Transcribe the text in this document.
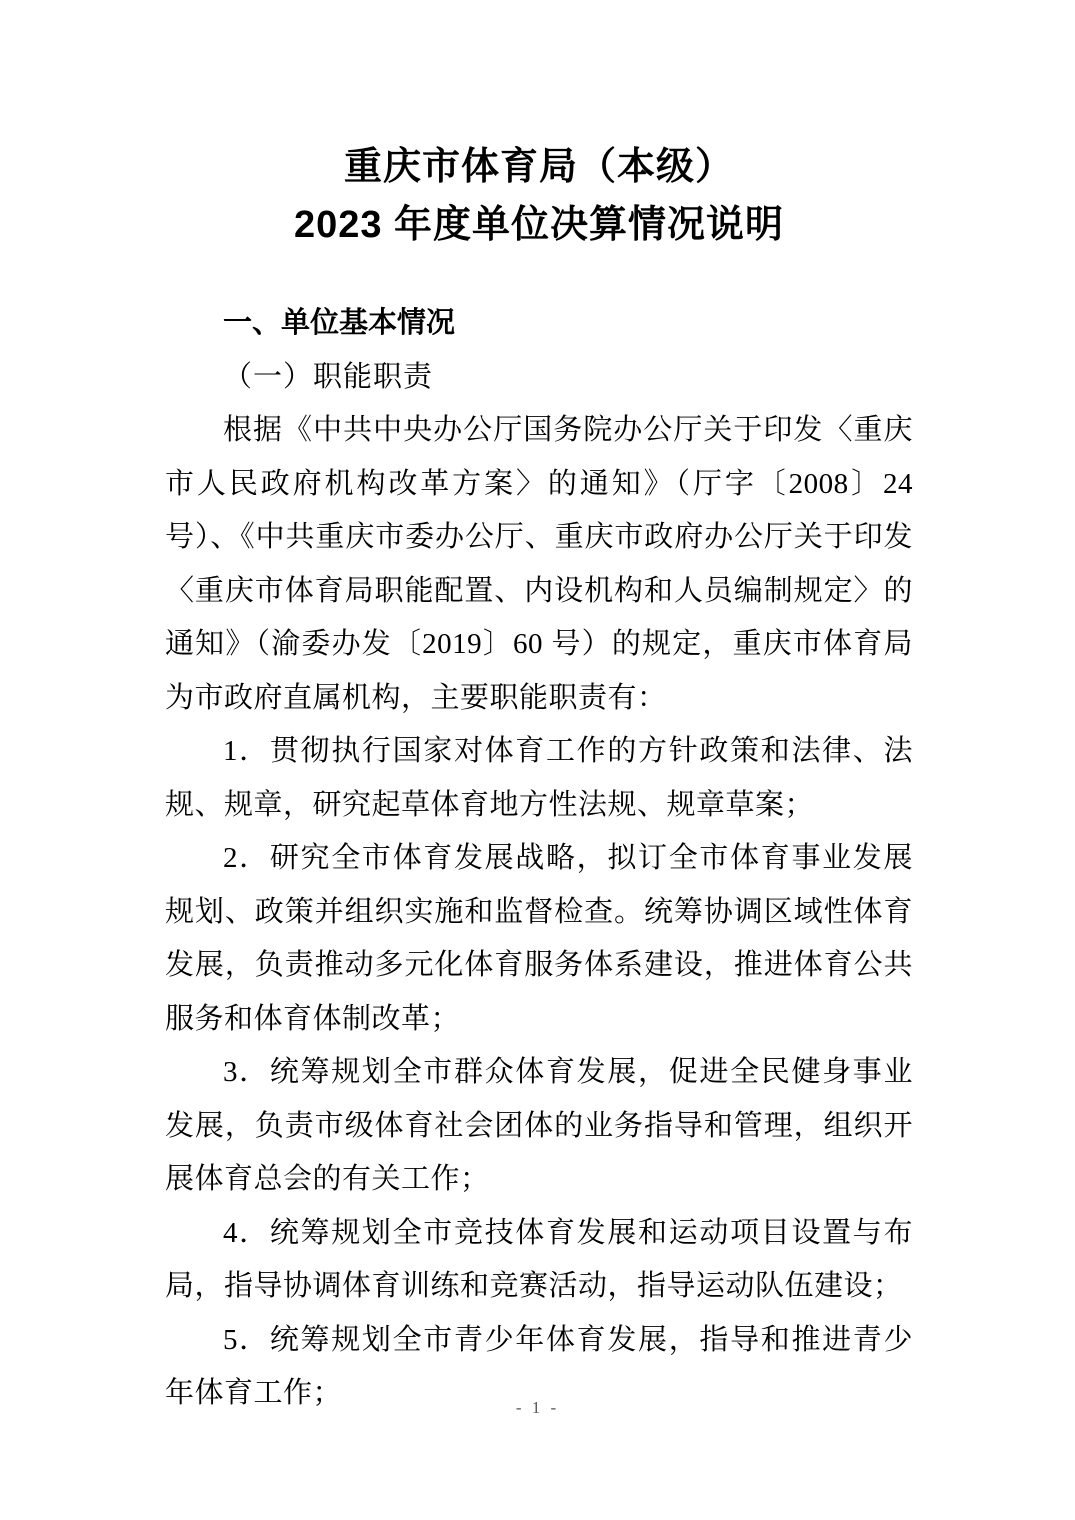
重庆市体育局（本级）
2023 年度单位决算情况说明
一、单位基本情况
（一）职能职责

根据《中共中央办公厅国务院办公厅关于印发〈重庆市人民政府机构改革方案〉的通知》（厅字〔2008〕24 号）、《中共重庆市委办公厅、重庆市政府办公厅关于印发〈重庆市体育局职能配置、内设机构和人员编制规定〉的通知》（渝委办发〔2019〕60 号）的规定，重庆市体育局为市政府直属机构，主要职能职责有：

1．贯彻执行国家对体育工作的方针政策和法律、法规、规章，研究起草体育地方性法规、规章草案；

2．研究全市体育发展战略，拟订全市体育事业发展规划、政策并组织实施和监督检查。统筹协调区域性体育发展，负责推动多元化体育服务体系建设，推进体育公共服务和体育体制改革；

3．统筹规划全市群众体育发展，促进全民健身事业发展，负责市级体育社会团体的业务指导和管理，组织开展体育总会的有关工作；

4．统筹规划全市竞技体育发展和运动项目设置与布局，指导协调体育训练和竞赛活动，指导运动队伍建设；

5．统筹规划全市青少年体育发展，指导和推进青少年体育工作；	- 1 -
